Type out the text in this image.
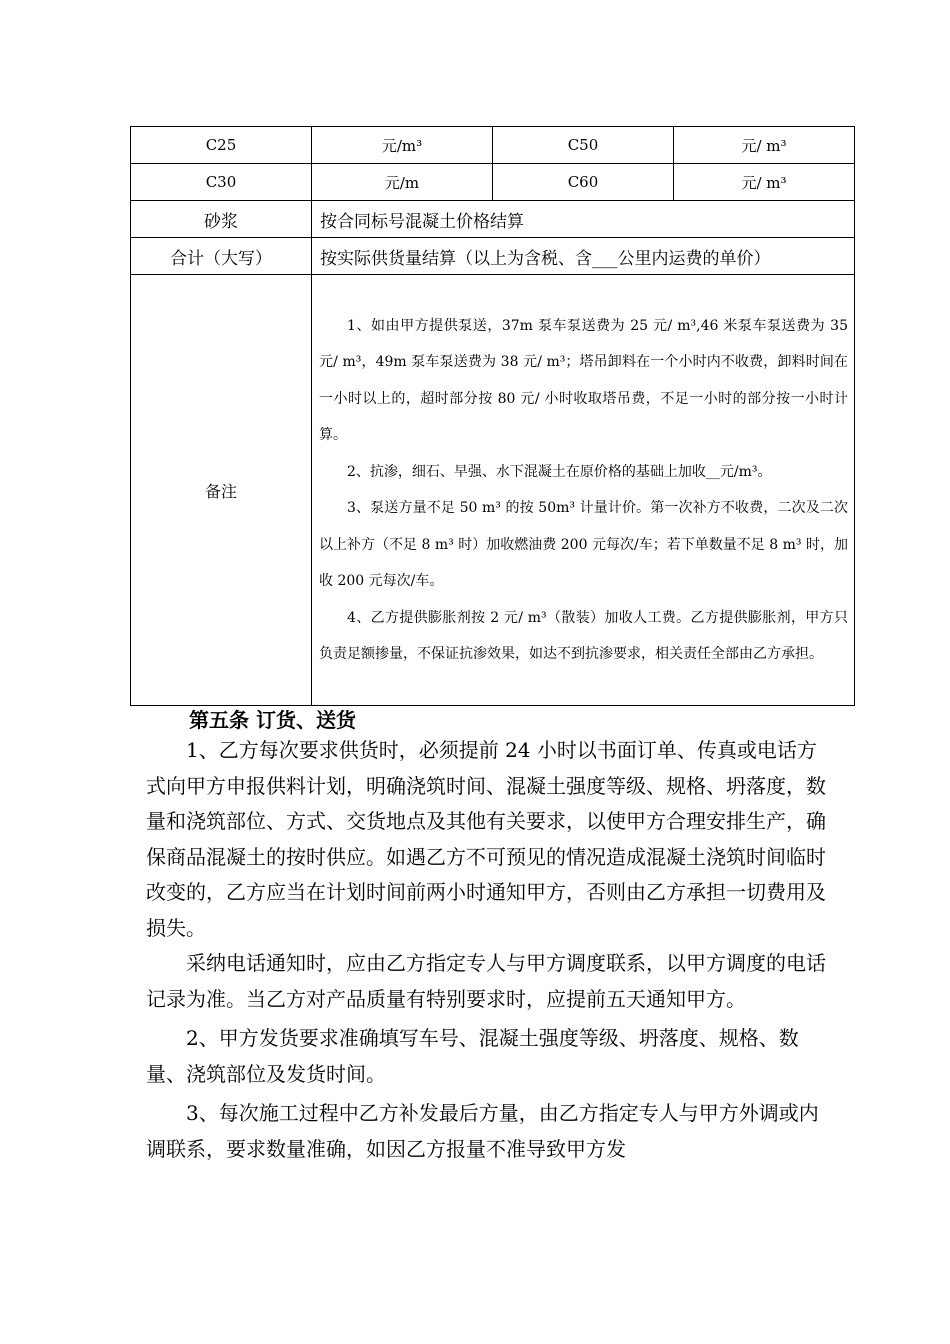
C25	元/m³	C50	元/ m³
C30	元/m	C60	元/ m³
砂浆	按合同标号混凝土价格结算		
合计（大写）	按实际供货量结算（以上为含税、含___公里内运费的单价）		
备注	1、如由甲方提供泵送，37m 泵车泵送费为 25 元/ m³,46 米泵车泵送费为 35 元/ m³，49m 泵车泵送费为 38 元/ m³；塔吊卸料在一个小时内不收费，卸料时间在一小时以上的，超时部分按 80 元/ 小时收取塔吊费，不足一小时的部分按一小时计算。

2、抗渗，细石、早强、水下混凝土在原价格的基础上加收__元/m³。

3、泵送方量不足 50 m³ 的按 50m³ 计量计价。第一次补方不收费，二次及二次以上补方（不足 8 m³ 时）加收燃油费 200 元每次/车；若下单数量不足 8 m³ 时，加收 200 元每次/车。

4、乙方提供膨胀剂按 2 元/ m³（散装）加收人工费。乙方提供膨胀剂，甲方只负责足额掺量，不保证抗渗效果，如达不到抗渗要求，相关责任全部由乙方承担。		

第五条 订货、送货

1、乙方每次要求供货时，必须提前 24 小时以书面订单、传真或电话方式向甲方申报供料计划，明确浇筑时间、混凝土强度等级、规格、坍落度，数量和浇筑部位、方式、交货地点及其他有关要求，以使甲方合理安排生产，确保商品混凝土的按时供应。如遇乙方不可预见的情况造成混凝土浇筑时间临时改变的，乙方应当在计划时间前两小时通知甲方，否则由乙方承担一切费用及损失。

采纳电话通知时，应由乙方指定专人与甲方调度联系，以甲方调度的电话记录为准。当乙方对产品质量有特别要求时，应提前五天通知甲方。

2、甲方发货要求准确填写车号、混凝土强度等级、坍落度、规格、数量、浇筑部位及发货时间。

3、每次施工过程中乙方补发最后方量，由乙方指定专人与甲方外调或内调联系，要求数量准确，如因乙方报量不准导致甲方发
